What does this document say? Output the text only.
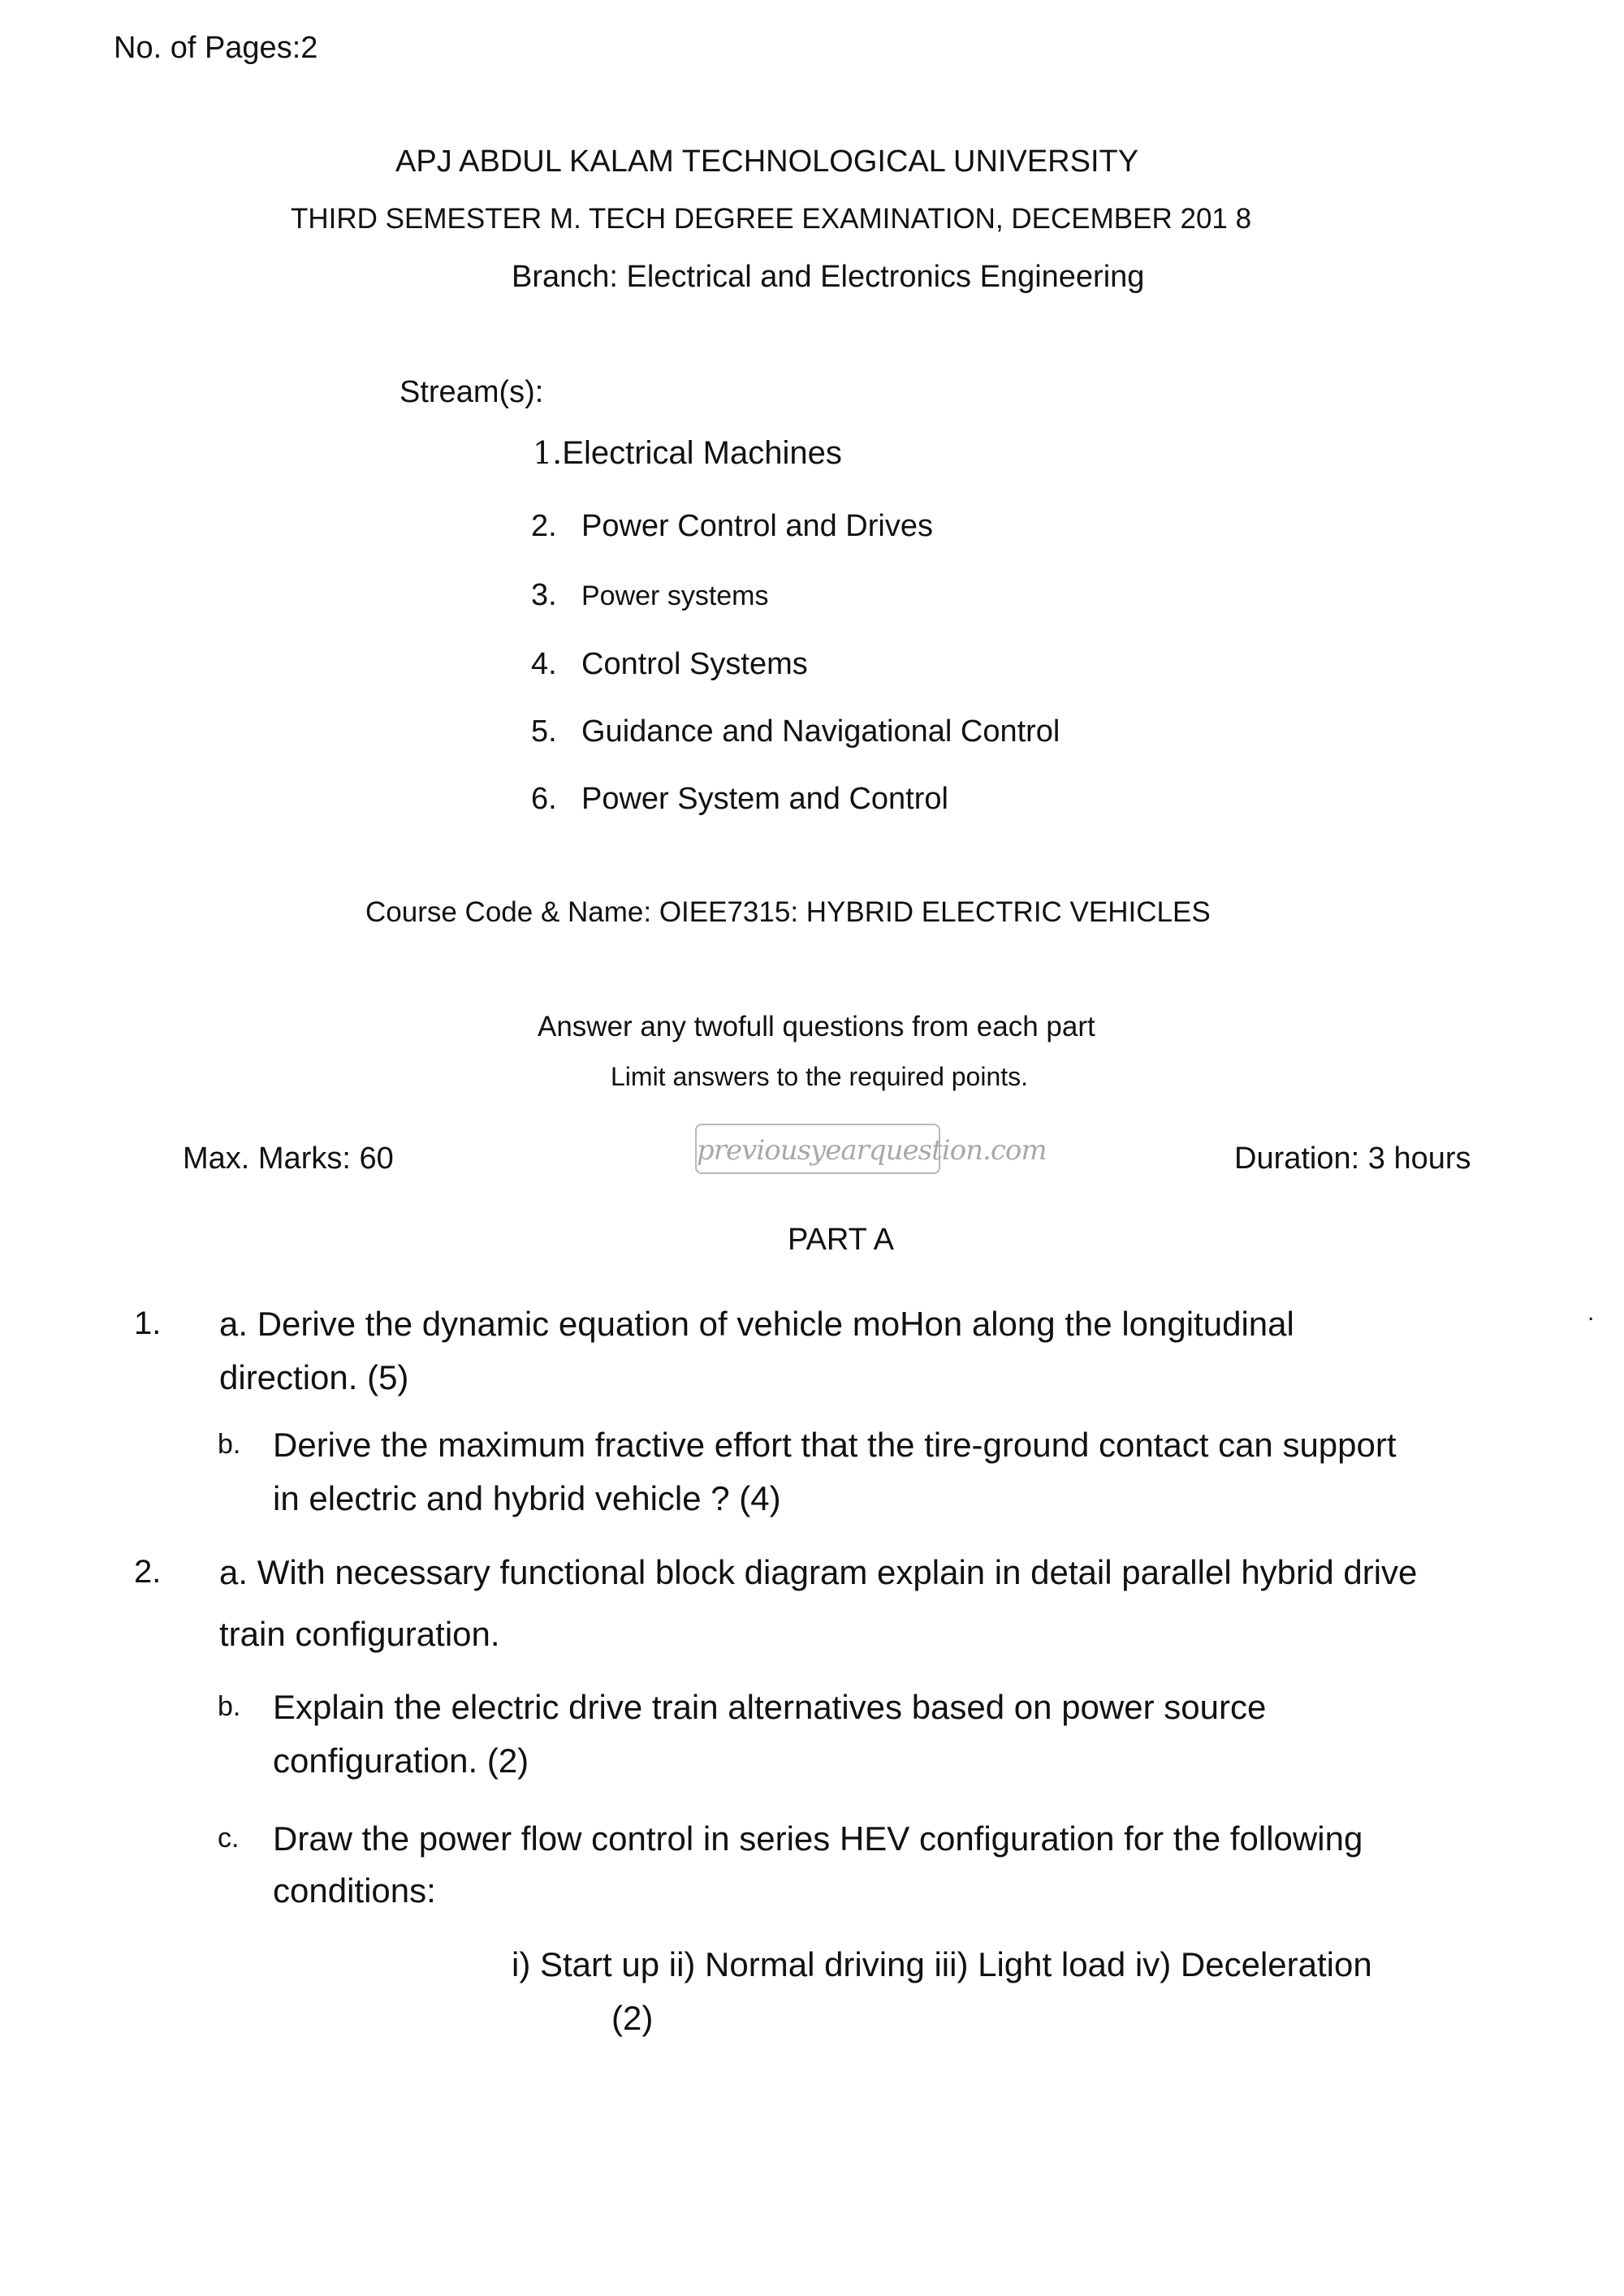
No. of Pages:2
APJ ABDUL KALAM TECHNOLOGICAL UNIVERSITY
THIRD SEMESTER M. TECH DEGREE EXAMINATION, DECEMBER 201 8
Branch: Electrical and Electronics Engineering
Stream(s):
1.Electrical Machines
2. Power Control and Drives
3. Power systems
4. Control Systems
5. Guidance and Navigational Control
6. Power System and Control
Course Code & Name: OIEE7315: HYBRID ELECTRIC VEHICLES
Answer any twofull questions from each part
Limit answers to the required points.
Max. Marks: 60	previousyearquestion.com	Duration: 3 hours
PART A
1. a. Derive the dynamic equation of vehicle moHon along the longitudinal
direction. (5)
b. Derive the maximum fractive effort that the tire-ground contact can support
in electric and hybrid vehicle ? (4)
2. a. With necessary functional block diagram explain in detail parallel hybrid drive
train configuration.
b. Explain the electric drive train alternatives based on power source
configuration. (2)
c. Draw the power flow control in series HEV configuration for the following
conditions:
i) Start up ii) Normal driving iii) Light load iv) Deceleration
(2)
.
